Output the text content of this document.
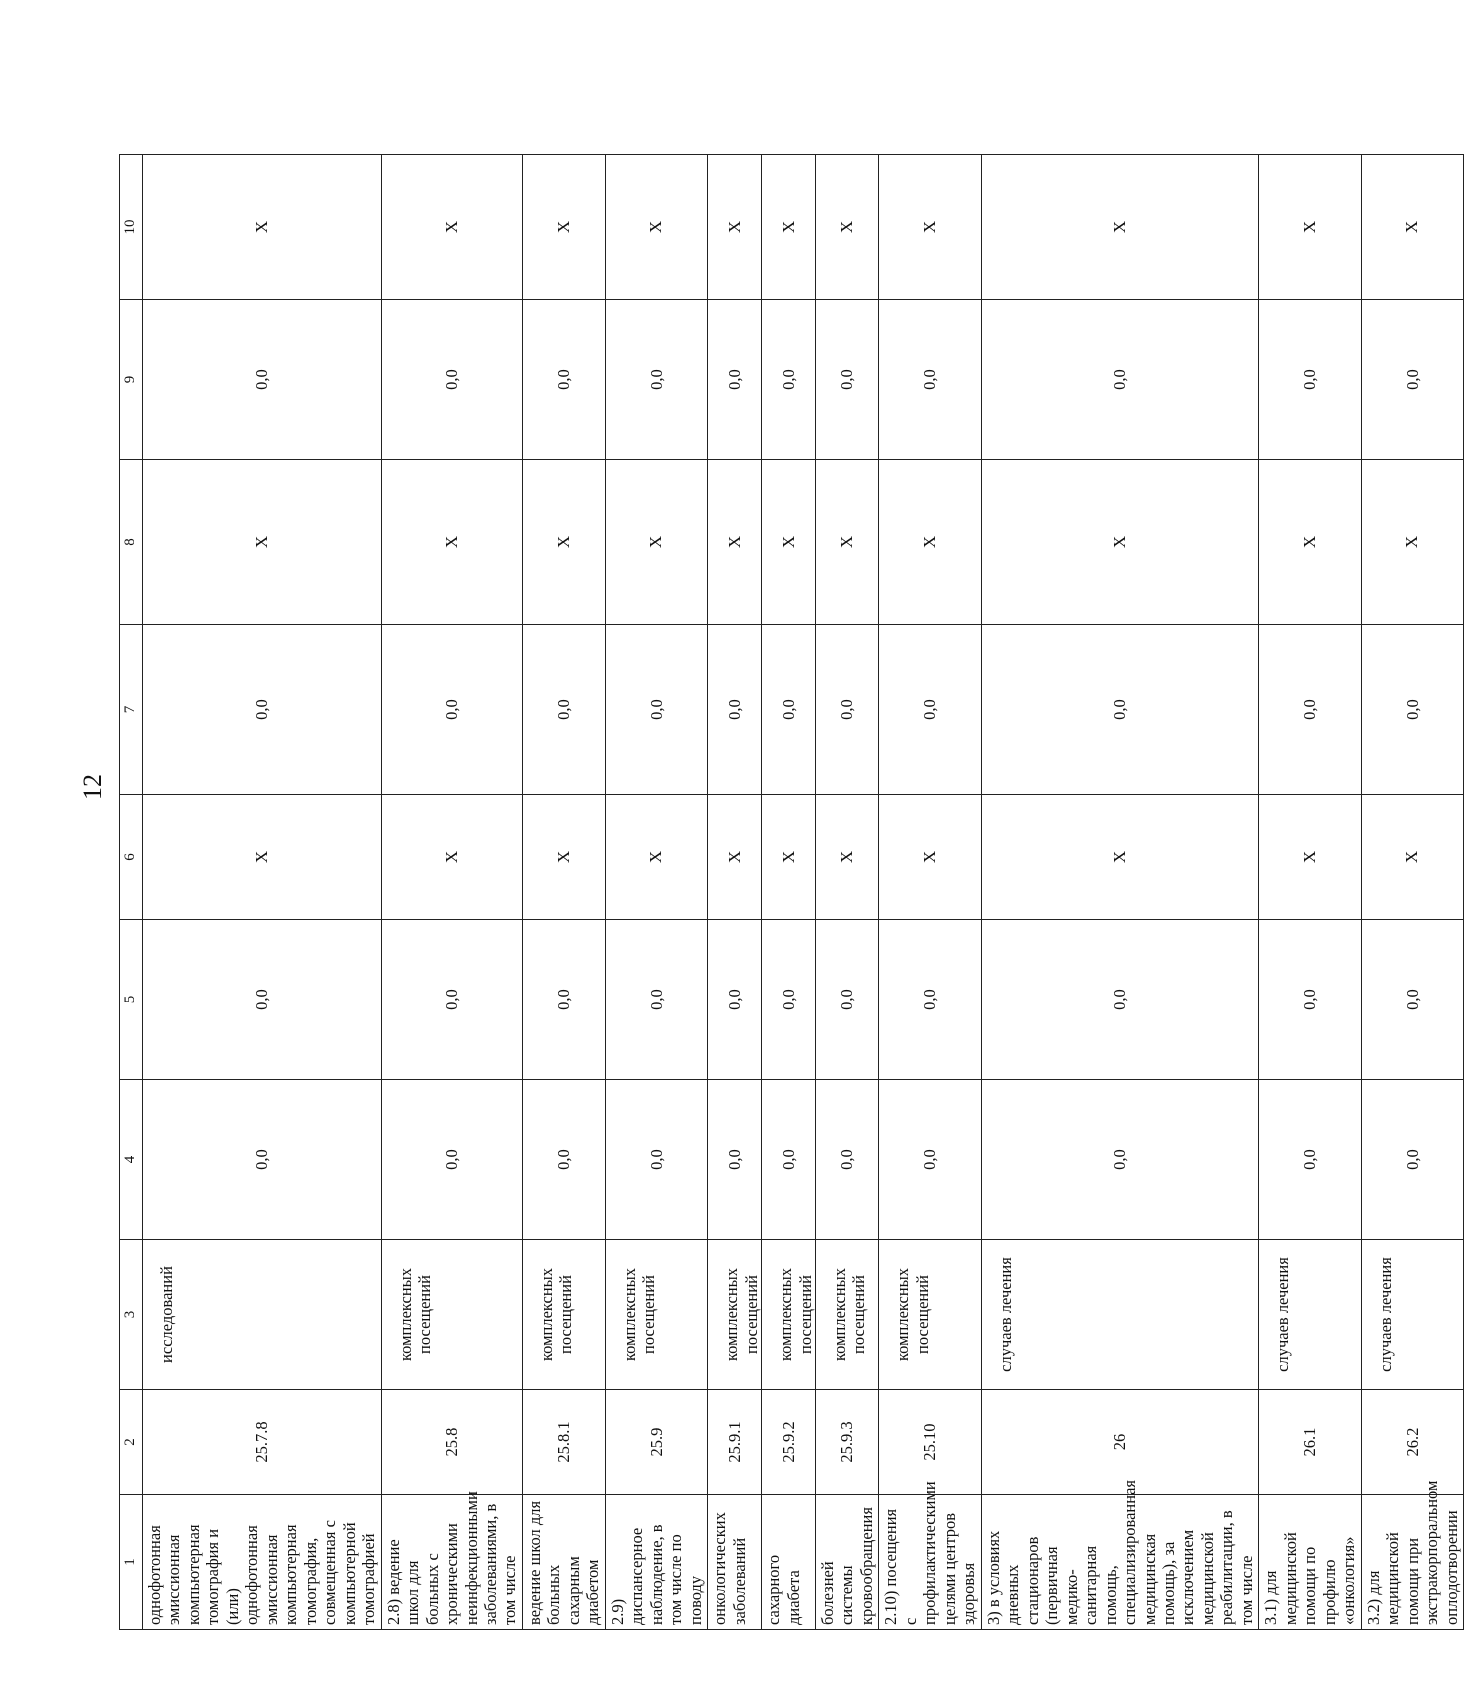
12
1	2	3	4	5	6	7	8	9	10
однофотонная эмиссионная компьютерная томография и (или) однофотонная эмиссионная компьютерная томография, совмещенная с компьютерной томографией	25.7.8	исследований	0,0	0,0	X	0,0	X	0,0	X
2.8) ведение школ для больных с хроническими неинфекционными заболеваниями, в том числе	25.8	комплексных посещений	0,0	0,0	X	0,0	X	0,0	X
ведение школ для больных сахарным диабетом	25.8.1	комплексных посещений	0,0	0,0	X	0,0	X	0,0	X
2.9) диспансерное наблюдение, в том числе по поводу	25.9	комплексных посещений	0,0	0,0	X	0,0	X	0,0	X
онкологических заболеваний	25.9.1	комплексных посещений	0,0	0,0	X	0,0	X	0,0	X
сахарного диабета	25.9.2	комплексных посещений	0,0	0,0	X	0,0	X	0,0	X
болезней системы кровообращения	25.9.3	комплексных посещений	0,0	0,0	X	0,0	X	0,0	X
2.10) посещения с профилактическими целями центров здоровья	25.10	комплексных посещений	0,0	0,0	X	0,0	X	0,0	X
3) в условиях дневных стационаров (первичная медико-санитарная помощь, специализированная медицинская помощь), за исключением медицинской реабилитации, в том числе	26	случаев лечения	0,0	0,0	X	0,0	X	0,0	X
3.1) для медицинской помощи по профилю «онкология»	26.1	случаев лечения	0,0	0,0	X	0,0	X	0,0	X
3.2) для медицинской помощи при экстракорпоральном оплодотворении	26.2	случаев лечения	0,0	0,0	X	0,0	X	0,0	X
